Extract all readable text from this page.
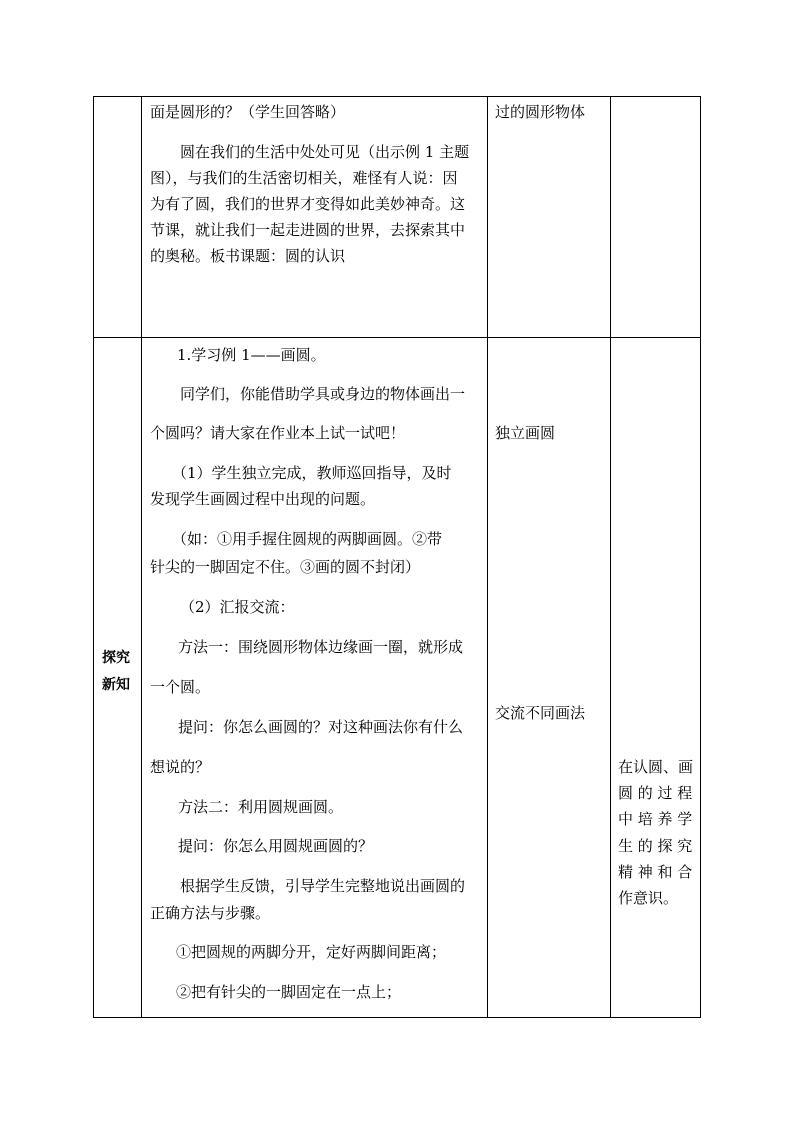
面是圆形的？（学生回答略）
圆在我们的生活中处处可见（出示例 1 主题
图），与我们的生活密切相关，难怪有人说：因
为有了圆，我们的世界才变得如此美妙神奇。这
节课，就让我们一起走进圆的世界，去探索其中
的奥秘。板书课题：圆的认识
过的圆形物体
探究
新知
1.学习例 1——画圆。
同学们，你能借助学具或身边的物体画出一
个圆吗？请大家在作业本上试一试吧！
（1）学生独立完成，教师巡回指导，及时
发现学生画圆过程中出现的问题。
（如：①用手握住圆规的两脚画圆。②带
针尖的一脚固定不住。③画的圆不封闭）
（2）汇报交流：
方法一：围绕圆形物体边缘画一圈，就形成
一个圆。
提问：你怎么画圆的？对这种画法你有什么
想说的？
方法二：利用圆规画圆。
提问：你怎么用圆规画圆的？
根据学生反馈，引导学生完整地说出画圆的
正确方法与步骤。
①把圆规的两脚分开，定好两脚间距离；
②把有针尖的一脚固定在一点上；
独立画圆
交流不同画法
在认圆、画
圆 的 过 程
中 培 养 学
生 的 探 究
精 神 和 合
作意识。
